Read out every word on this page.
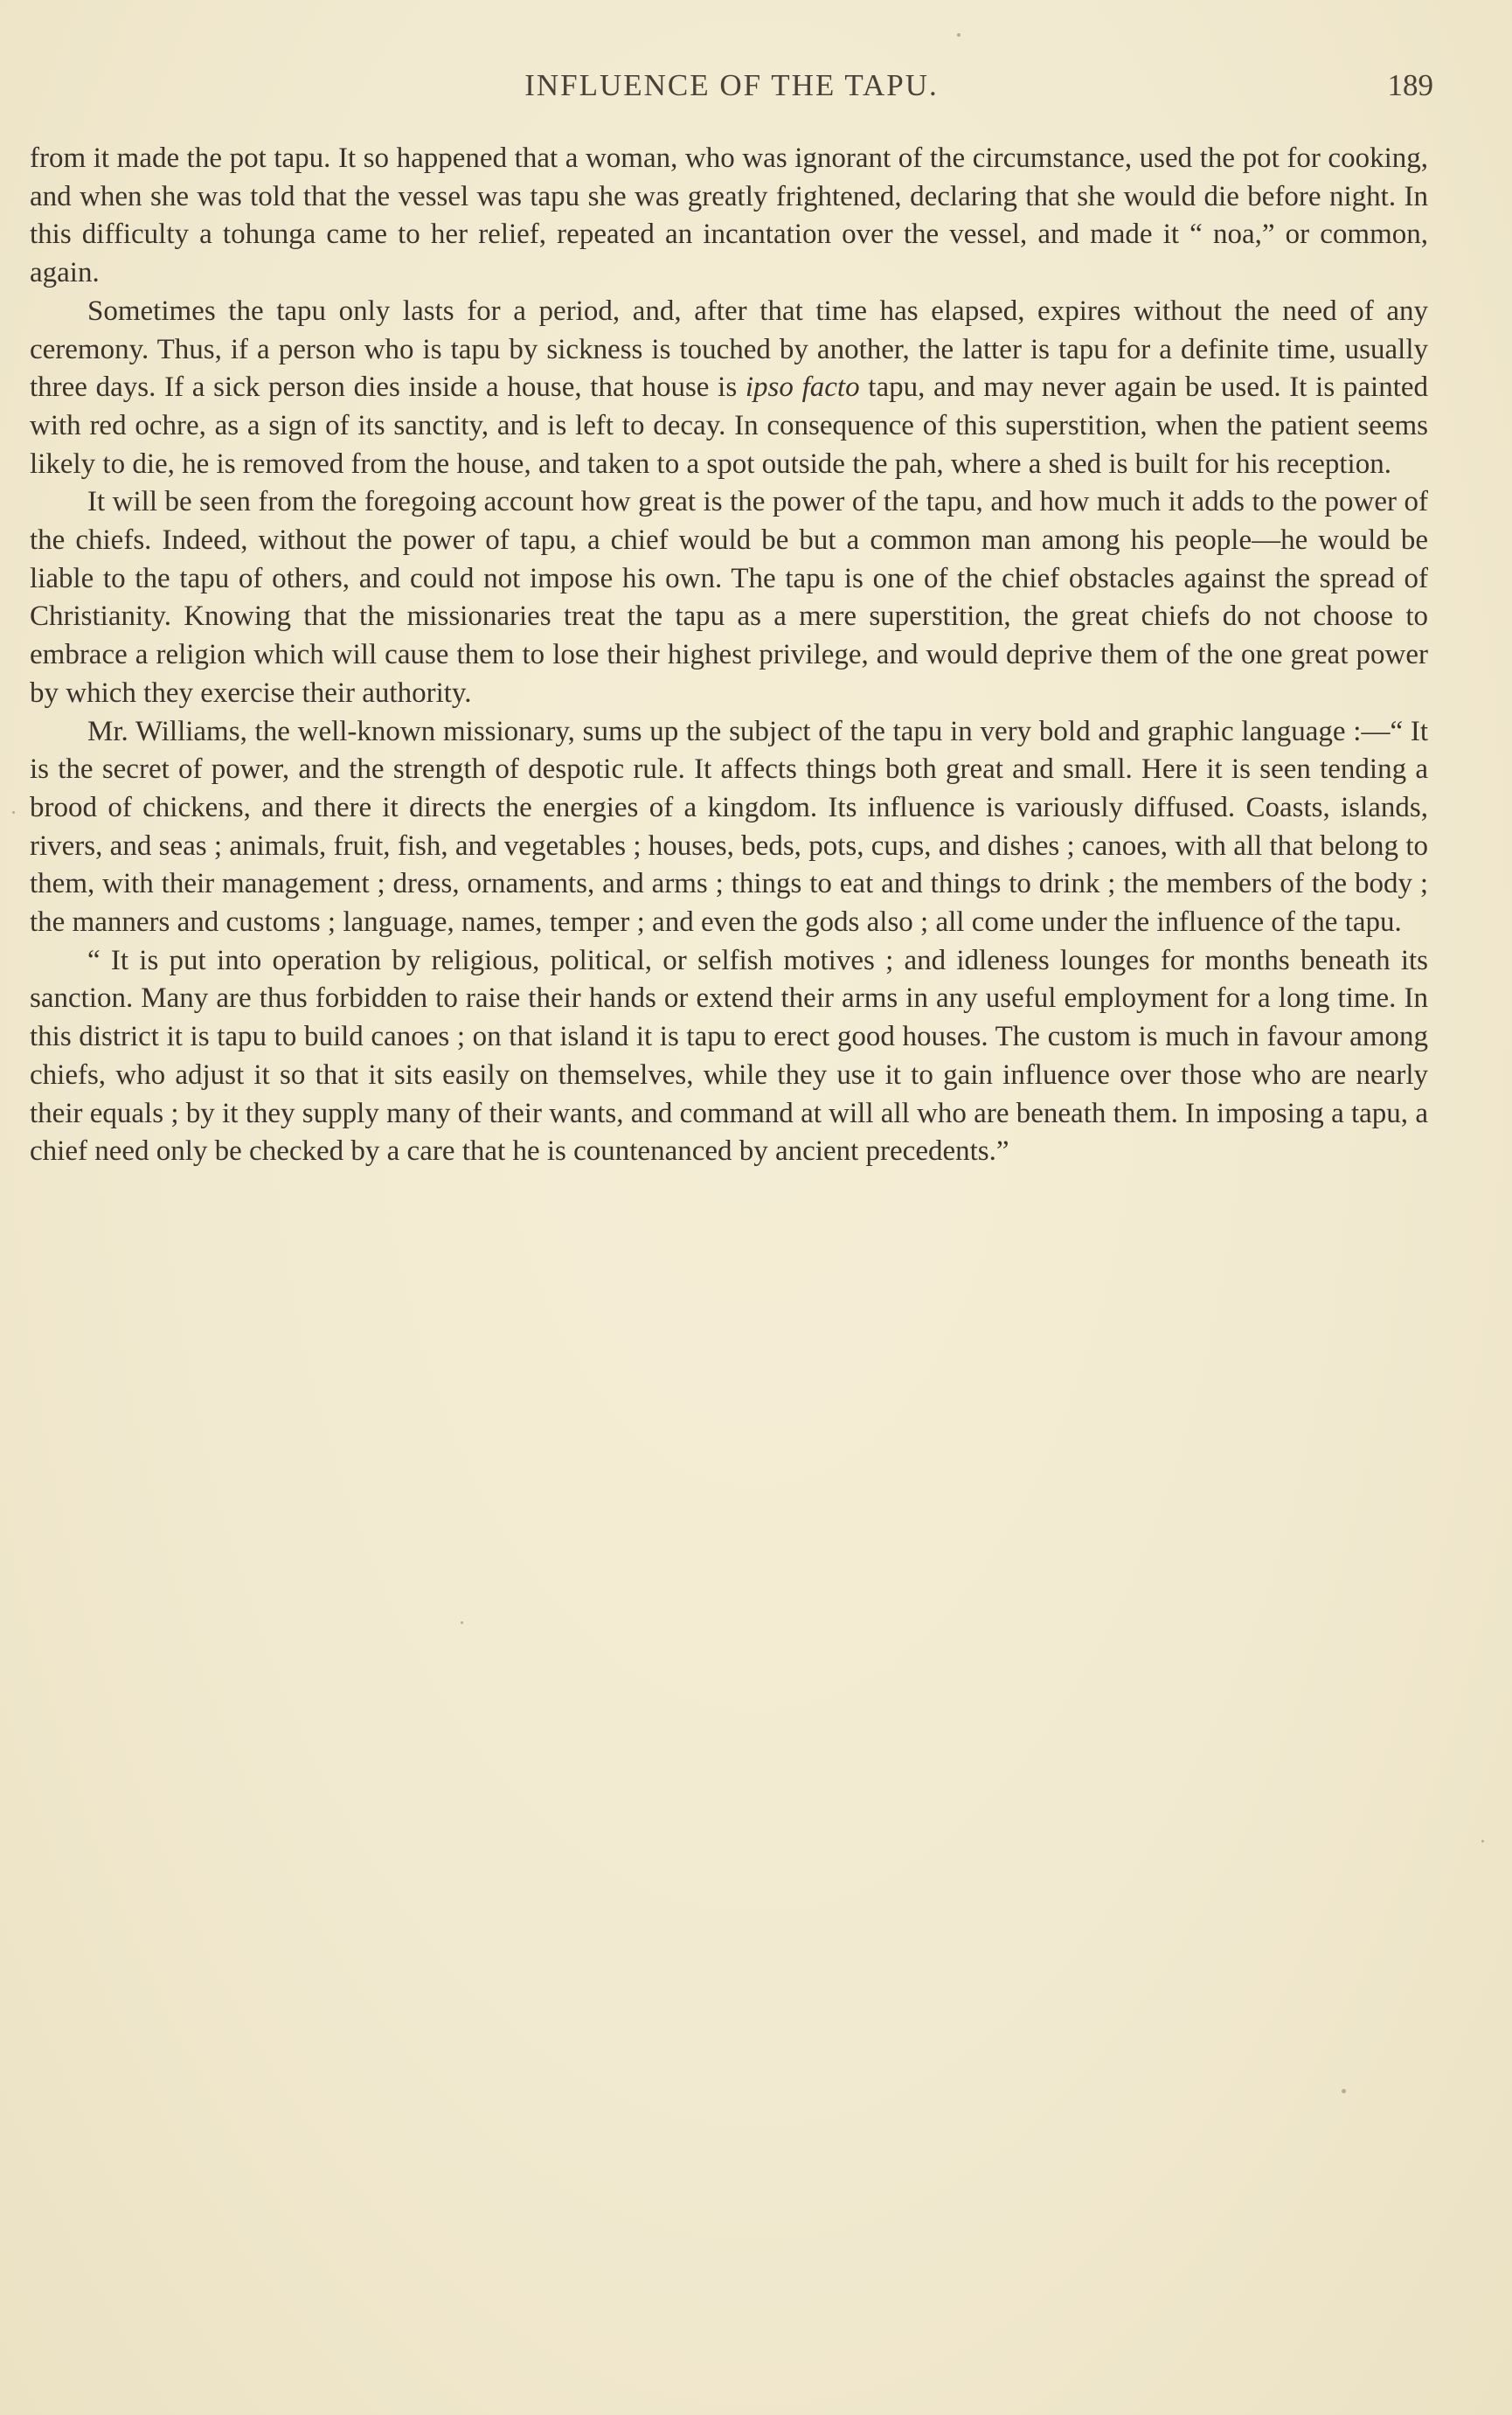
INFLUENCE OF THE TAPU.	189

from it made the pot tapu. It so happened that a woman, who was ignorant of the circumstance, used the pot for cooking, and when she was told that the vessel was tapu she was greatly frightened, declaring that she would die before night. In this difficulty a tohunga came to her relief, repeated an incantation over the vessel, and made it “ noa,” or common, again.

Sometimes the tapu only lasts for a period, and, after that time has elapsed, expires without the need of any ceremony. Thus, if a person who is tapu by sickness is touched by another, the latter is tapu for a definite time, usually three days. If a sick person dies inside a house, that house is ipso facto tapu, and may never again be used. It is painted with red ochre, as a sign of its sanctity, and is left to decay. In consequence of this superstition, when the patient seems likely to die, he is removed from the house, and taken to a spot outside the pah, where a shed is built for his reception.

It will be seen from the foregoing account how great is the power of the tapu, and how much it adds to the power of the chiefs. Indeed, without the power of tapu, a chief would be but a common man among his people—he would be liable to the tapu of others, and could not impose his own. The tapu is one of the chief obstacles against the spread of Christianity. Knowing that the missionaries treat the tapu as a mere superstition, the great chiefs do not choose to embrace a religion which will cause them to lose their highest privilege, and would deprive them of the one great power by which they exercise their authority.

Mr. Williams, the well-known missionary, sums up the subject of the tapu in very bold and graphic language :—“ It is the secret of power, and the strength of despotic rule. It affects things both great and small. Here it is seen tending a brood of chickens, and there it directs the energies of a kingdom. Its influence is variously diffused. Coasts, islands, rivers, and seas ; animals, fruit, fish, and vegetables ; houses, beds, pots, cups, and dishes ; canoes, with all that belong to them, with their management ; dress, ornaments, and arms ; things to eat and things to drink ; the members of the body ; the manners and customs ; language, names, temper ; and even the gods also ; all come under the influence of the tapu.

“ It is put into operation by religious, political, or selfish motives ; and idleness lounges for months beneath its sanction. Many are thus forbidden to raise their hands or extend their arms in any useful employment for a long time. In this district it is tapu to build canoes ; on that island it is tapu to erect good houses. The custom is much in favour among chiefs, who adjust it so that it sits easily on themselves, while they use it to gain influence over those who are nearly their equals ; by it they supply many of their wants, and command at will all who are beneath them. In imposing a tapu, a chief need only be checked by a care that he is countenanced by ancient precedents.”
